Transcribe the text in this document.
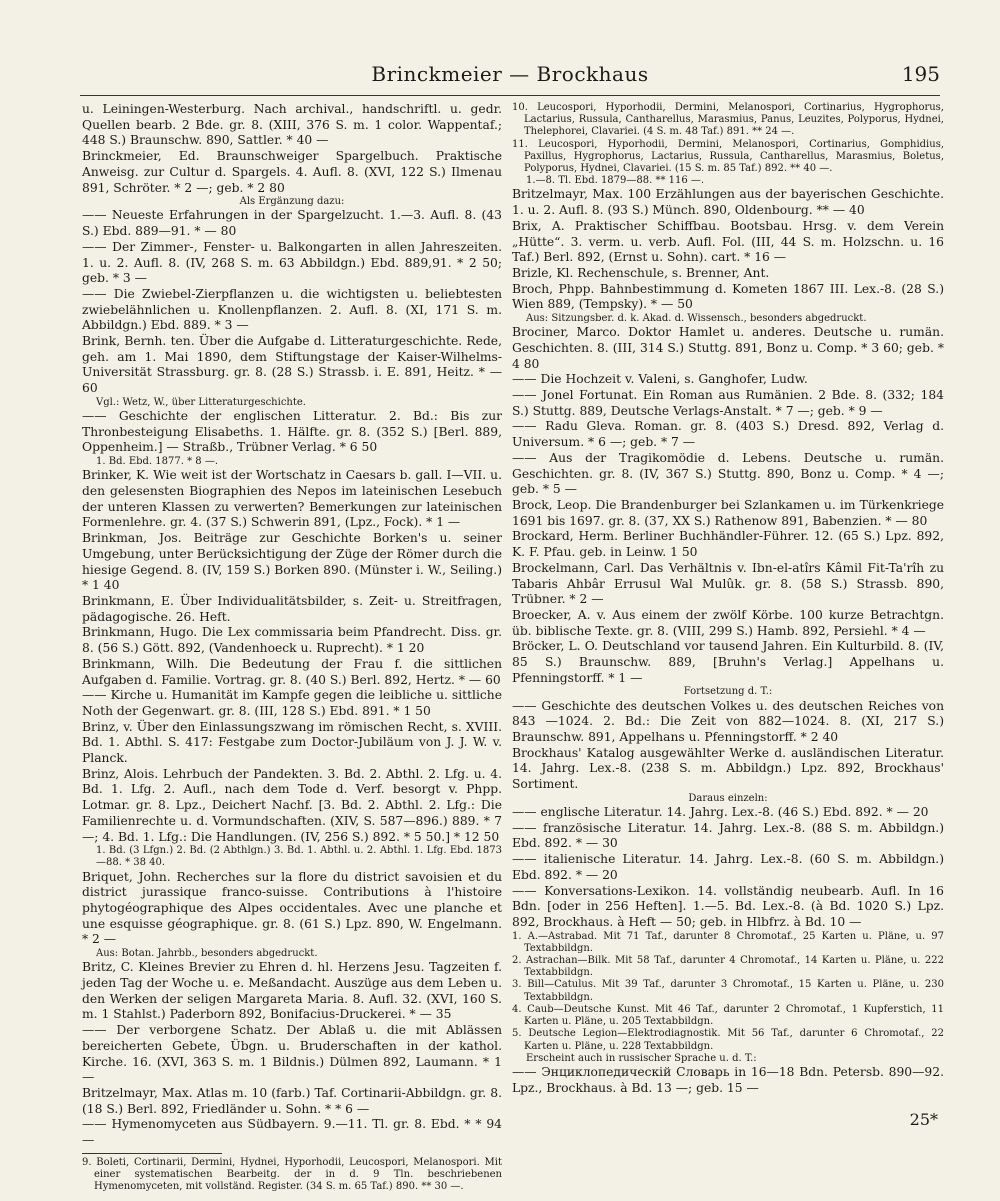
Brinckmeier — Brockhaus	195

u. Leiningen-Westerburg. Nach archival., handschriftl. u. gedr. Quellen bearb. 2 Bde. gr. 8. (XIII, 376 S. m. 1 color. Wappentaf.; 448 S.) Braunschw. 890, Sattler. * 40 —

Brinckmeier, Ed. Braunschweiger Spargelbuch. Praktische Anweisg. zur Cultur d. Spargels. 4. Aufl. 8. (XVI, 122 S.) Ilmenau 891, Schröter. * 2 —; geb. * 2 80

Als Ergänzung dazu:

—— Neueste Erfahrungen in der Spargelzucht. 1.—3. Aufl. 8. (43 S.) Ebd. 889—91. * — 80

—— Der Zimmer-, Fenster- u. Balkongarten in allen Jahreszeiten. 1. u. 2. Aufl. 8. (IV, 268 S. m. 63 Abbildgn.) Ebd. 889,91. * 2 50; geb. * 3 —

—— Die Zwiebel-Zierpflanzen u. die wichtigsten u. beliebtesten zwiebelähnlichen u. Knollenpflanzen. 2. Aufl. 8. (XI, 171 S. m. Abbildgn.) Ebd. 889. * 3 —

Brink, Bernh. ten. Über die Aufgabe d. Litteraturgeschichte. Rede, geh. am 1. Mai 1890, dem Stiftungstage der Kaiser-Wilhelms-Universität Strassburg. gr. 8. (28 S.) Strassb. i. E. 891, Heitz. * — 60

Vgl.: Wetz, W., über Litteraturgeschichte.

—— Geschichte der englischen Litteratur. 2. Bd.: Bis zur Thronbesteigung Elisabeths. 1. Hälfte. gr. 8. (352 S.) [Berl. 889, Oppenheim.] — Straßb., Trübner Verlag. * 6 50

1. Bd. Ebd. 1877. * 8 —.

Brinker, K. Wie weit ist der Wortschatz in Caesars b. gall. I—VII. u. den gelesensten Biographien des Nepos im lateinischen Lesebuch der unteren Klassen zu verwerten? Bemerkungen zur lateinischen Formenlehre. gr. 4. (37 S.) Schwerin 891, (Lpz., Fock). * 1 —

Brinkman, Jos. Beiträge zur Geschichte Borken's u. seiner Umgebung, unter Berücksichtigung der Züge der Römer durch die hiesige Gegend. 8. (IV, 159 S.) Borken 890. (Münster i. W., Seiling.) * 1 40

Brinkmann, E. Über Individualitätsbilder, s. Zeit- u. Streitfragen, pädagogische. 26. Heft.

Brinkmann, Hugo. Die Lex commissaria beim Pfandrecht. Diss. gr. 8. (56 S.) Gött. 892, (Vandenhoeck u. Ruprecht). * 1 20

Brinkmann, Wilh. Die Bedeutung der Frau f. die sittlichen Aufgaben d. Familie. Vortrag. gr. 8. (40 S.) Berl. 892, Hertz. * — 60

—— Kirche u. Humanität im Kampfe gegen die leibliche u. sittliche Noth der Gegenwart. gr. 8. (III, 128 S.) Ebd. 891. * 1 50

Brinz, v. Über den Einlassungszwang im römischen Recht, s. XVIII. Bd. 1. Abthl. S. 417: Festgabe zum Doctor-Jubiläum von J. J. W. v. Planck.

Brinz, Alois. Lehrbuch der Pandekten. 3. Bd. 2. Abthl. 2. Lfg. u. 4. Bd. 1. Lfg. 2. Aufl., nach dem Tode d. Verf. besorgt v. Phpp. Lotmar. gr. 8. Lpz., Deichert Nachf. [3. Bd. 2. Abthl. 2. Lfg.: Die Familienrechte u. d. Vormundschaften. (XIV, S. 587—896.) 889. * 7 —; 4. Bd. 1. Lfg.: Die Handlungen. (IV, 256 S.) 892. * 5 50.] * 12 50

1. Bd. (3 Lfgn.) 2. Bd. (2 Abthlgn.) 3. Bd. 1. Abthl. u. 2. Abthl. 1. Lfg. Ebd. 1873—88. * 38 40.

Briquet, John. Recherches sur la flore du district savoisien et du district jurassique franco-suisse. Contributions à l'histoire phytogéographique des Alpes occidentales. Avec une planche et une esquisse géographique. gr. 8. (61 S.) Lpz. 890, W. Engelmann. * 2 —

Aus: Botan. Jahrbb., besonders abgedruckt.

Britz, C. Kleines Brevier zu Ehren d. hl. Herzens Jesu. Tagzeiten f. jeden Tag der Woche u. e. Meßandacht. Auszüge aus dem Leben u. den Werken der seligen Margareta Maria. 8. Aufl. 32. (XVI, 160 S. m. 1 Stahlst.) Paderborn 892, Bonifacius-Druckerei. * — 35

—— Der verborgene Schatz. Der Ablaß u. die mit Ablässen bereicherten Gebete, Übgn. u. Bruderschaften in der kathol. Kirche. 16. (XVI, 363 S. m. 1 Bildnis.) Dülmen 892, Laumann. * 1 —

Britzelmayr, Max. Atlas m. 10 (farb.) Taf. Cortinarii-Abbildgn. gr. 8. (18 S.) Berl. 892, Friedländer u. Sohn. * * 6 —

—— Hymenomyceten aus Südbayern. 9.—11. Tl. gr. 8. Ebd. * * 94 —

9. Boleti, Cortinarii, Dermini, Hydnei, Hyporhodii, Leucospori, Melanospori. Mit einer systematischen Bearbeitg. der in d. 9 Tln. beschriebenen Hymenomyceten, mit vollständ. Register. (34 S. m. 65 Taf.) 890. ** 30 —.

10. Leucospori, Hyporhodii, Dermini, Melanospori, Cortinarius, Hygrophorus, Lactarius, Russula, Cantharellus, Marasmius, Panus, Leuzites, Polyporus, Hydnei, Thelephorei, Clavariei. (4 S. m. 48 Taf.) 891. ** 24 —.

11. Leucospori, Hyporhodii, Dermini, Melanospori, Cortinarius, Gomphidius, Paxillus, Hygrophorus, Lactarius, Russula, Cantharellus, Marasmius, Boletus, Polyporus, Hydnei, Clavariei. (15 S. m. 85 Taf.) 892. ** 40 —.

1.—8. Tl. Ebd. 1879—88. ** 116 —.

Britzelmayr, Max. 100 Erzählungen aus der bayerischen Geschichte. 1. u. 2. Aufl. 8. (93 S.) Münch. 890, Oldenbourg. ** — 40

Brix, A. Praktischer Schiffbau. Bootsbau. Hrsg. v. dem Verein „Hütte“. 3. verm. u. verb. Aufl. Fol. (III, 44 S. m. Holzschn. u. 16 Taf.) Berl. 892, (Ernst u. Sohn). cart. * 16 —

Brizle, Kl. Rechenschule, s. Brenner, Ant.

Broch, Phpp. Bahnbestimmung d. Kometen 1867 III. Lex.-8. (28 S.) Wien 889, (Tempsky). * — 50

Aus: Sitzungsber. d. k. Akad. d. Wissensch., besonders abgedruckt.

Brociner, Marco. Doktor Hamlet u. anderes. Deutsche u. rumän. Geschichten. 8. (III, 314 S.) Stuttg. 891, Bonz u. Comp. * 3 60; geb. * 4 80

—— Die Hochzeit v. Valeni, s. Ganghofer, Ludw.

—— Jonel Fortunat. Ein Roman aus Rumänien. 2 Bde. 8. (332; 184 S.) Stuttg. 889, Deutsche Verlags-Anstalt. * 7 —; geb. * 9 —

—— Radu Gleva. Roman. gr. 8. (403 S.) Dresd. 892, Verlag d. Universum. * 6 —; geb. * 7 —

—— Aus der Tragikomödie d. Lebens. Deutsche u. rumän. Geschichten. gr. 8. (IV, 367 S.) Stuttg. 890, Bonz u. Comp. * 4 —; geb. * 5 —

Brock, Leop. Die Brandenburger bei Szlankamen u. im Türkenkriege 1691 bis 1697. gr. 8. (37, XX S.) Rathenow 891, Babenzien. * — 80

Brockard, Herm. Berliner Buchhändler-Führer. 12. (65 S.) Lpz. 892, K. F. Pfau. geb. in Leinw. 1 50

Brockelmann, Carl. Das Verhältnis v. Ibn-el-atîrs Kâmil Fit-Ta'rîh zu Tabaris Ahbâr Errusul Wal Mulûk. gr. 8. (58 S.) Strassb. 890, Trübner. * 2 —

Broecker, A. v. Aus einem der zwölf Körbe. 100 kurze Betrachtgn. üb. biblische Texte. gr. 8. (VIII, 299 S.) Hamb. 892, Persiehl. * 4 —

Bröcker, L. O. Deutschland vor tausend Jahren. Ein Kulturbild. 8. (IV, 85 S.) Braunschw. 889, [Bruhn's Verlag.] Appelhans u. Pfenningstorff. * 1 —

Fortsetzung d. T.:

—— Geschichte des deutschen Volkes u. des deutschen Reiches von 843 —1024. 2. Bd.: Die Zeit von 882—1024. 8. (XI, 217 S.) Braunschw. 891, Appelhans u. Pfenningstorff. * 2 40

Brockhaus' Katalog ausgewählter Werke d. ausländischen Literatur. 14. Jahrg. Lex.-8. (238 S. m. Abbildgn.) Lpz. 892, Brockhaus' Sortiment.

Daraus einzeln:

—— englische Literatur. 14. Jahrg. Lex.-8. (46 S.) Ebd. 892. * — 20

—— französische Literatur. 14. Jahrg. Lex.-8. (88 S. m. Abbildgn.) Ebd. 892. * — 30

—— italienische Literatur. 14. Jahrg. Lex.-8. (60 S. m. Abbildgn.) Ebd. 892. * — 20

—— Konversations-Lexikon. 14. vollständig neubearb. Aufl. In 16 Bdn. [oder in 256 Heften]. 1.—5. Bd. Lex.-8. (à Bd. 1020 S.) Lpz. 892, Brockhaus. à Heft — 50; geb. in Hlbfrz. à Bd. 10 —

1. A.—Astrabad. Mit 71 Taf., darunter 8 Chromotaf., 25 Karten u. Pläne, u. 97 Textabbildgn.

2. Astrachan—Bilk. Mit 58 Taf., darunter 4 Chromotaf., 14 Karten u. Pläne, u. 222 Textabbildgn.

3. Bill—Catulus. Mit 39 Taf., darunter 3 Chromotaf., 15 Karten u. Pläne, u. 230 Textabbildgn.

4. Caub—Deutsche Kunst. Mit 46 Taf., darunter 2 Chromotaf., 1 Kupferstich, 11 Karten u. Pläne, u. 205 Textabbildgn.

5. Deutsche Legion—Elektrodiagnostik. Mit 56 Taf., darunter 6 Chromotaf., 22 Karten u. Pläne, u. 228 Textabbildgn.

Erscheint auch in russischer Sprache u. d. T.:

—— Энциклопедическій Словарь in 16—18 Bdn. Petersb. 890—92. Lpz., Brockhaus. à Bd. 13 —; geb. 15 —

25*
